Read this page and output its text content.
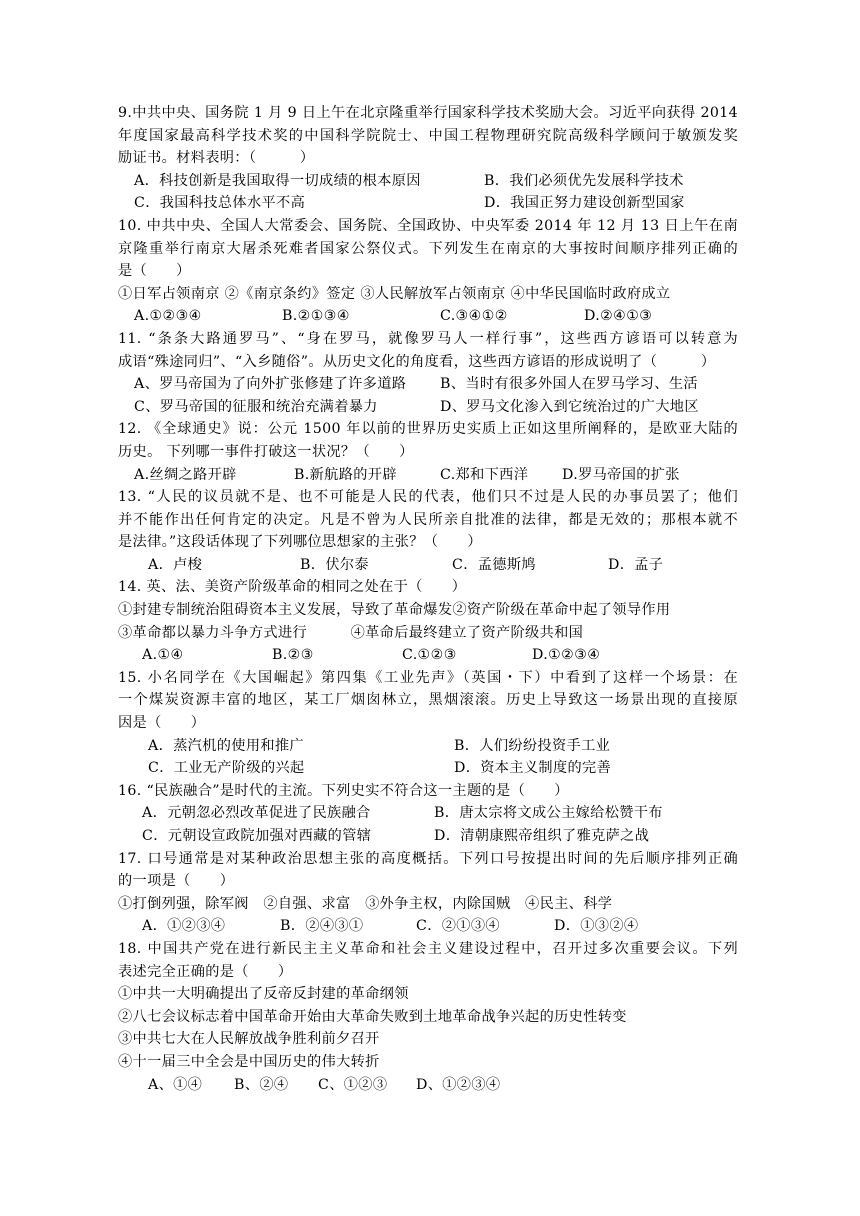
9.中共中央、国务院 1 月 9 日上午在北京隆重举行国家科学技术奖励大会。习近平向获得 2014
年度国家最高科学技术奖的中国科学院院士、中国工程物理研究院高级科学顾问于敏颁发奖
励证书。材料表明：（　　　）
A．科技创新是我国取得一切成绩的根本原因	B．我们必须优先发展科学技术
C．我国科技总体水平不高	D．我国正努力建设创新型国家
10. 中共中央、全国人大常委会、国务院、全国政协、中央军委 2014 年 12 月 13 日上午在南
京隆重举行南京大屠杀死难者国家公祭仪式。下列发生在南京的大事按时间顺序排列正确的
是（　　）
①日军占领南京 ②《南京条约》签定 ③人民解放军占领南京 ④中华民国临时政府成立
A.①②③④	B.②①③④	C.③④①②	D.②④①③
11. “条条大路通罗马”、“身在罗马，就像罗马人一样行事”，这些西方谚语可以转意为
成语“殊途同归”、“入乡随俗”。从历史文化的角度看，这些西方谚语的形成说明了（　　　）
A、罗马帝国为了向外扩张修建了许多道路 B、当时有很多外国人在罗马学习、生活
C、罗马帝国的征服和统治充满着暴力	D、罗马文化渗入到它统治过的广大地区
12. 《全球通史》说：公元 1500 年以前的世界历史实质上正如这里所阐释的，是欧亚大陆的
历史。 下列哪一事件打破这一状况？（　　）
A.丝绸之路开辟	B.新航路的开辟	C.郑和下西洋 D.罗马帝国的扩张
13. “人民的议员就不是、也不可能是人民的代表，他们只不过是人民的办事员罢了；他们
并不能作出任何肯定的决定。凡是不曾为人民所亲自批准的法律，都是无效的；那根本就不
是法律。”这段话体现了下列哪位思想家的主张？（　　）
A．卢梭	B．伏尔泰	C．孟德斯鸠	D．孟子
14. 英、法、美资产阶级革命的相同之处在于（　　）
①封建专制统治阻碍资本主义发展，导致了革命爆发②资产阶级在革命中起了领导作用
③革命都以暴力斗争方式进行　　　④革命后最终建立了资产阶级共和国
A.①④	B.②③	C.①②③	D.①②③④
15. 小名同学在《大国崛起》第四集《工业先声》（英国・下）中看到了这样一个场景：在
一个煤炭资源丰富的地区，某工厂烟囱林立，黑烟滚滚。历史上导致这一场景出现的直接原
因是（　　）
A．蒸汽机的使用和推广	B．人们纷纷投资手工业
C．工业无产阶级的兴起	D．资本主义制度的完善
16. “民族融合”是时代的主流。下列史实不符合这一主题的是（　　）
A．元朝忽必烈改革促进了民族融合	B．唐太宗将文成公主嫁给松赞干布
C．元朝设宣政院加强对西藏的管辖	D．清朝康熙帝组织了雅克萨之战
17. 口号通常是对某种政治思想主张的高度概括。下列口号按提出时间的先后顺序排列正确
的一项是（　　）
①打倒列强，除军阀　②自强、求富　③外争主权，内除国贼　④民主、科学
A．①②③④	B．②④③①	C．②①③④	D．①③②④
18. 中国共产党在进行新民主主义革命和社会主义建设过程中，召开过多次重要会议。下列
表述完全正确的是（　　）
①中共一大明确提出了反帝反封建的革命纲领
②八七会议标志着中国革命开始由大革命失败到土地革命战争兴起的历史性转变
③中共七大在人民解放战争胜利前夕召开
④十一届三中全会是中国历史的伟大转折
A、①④ B、②④ C、①②③ D、①②③④
